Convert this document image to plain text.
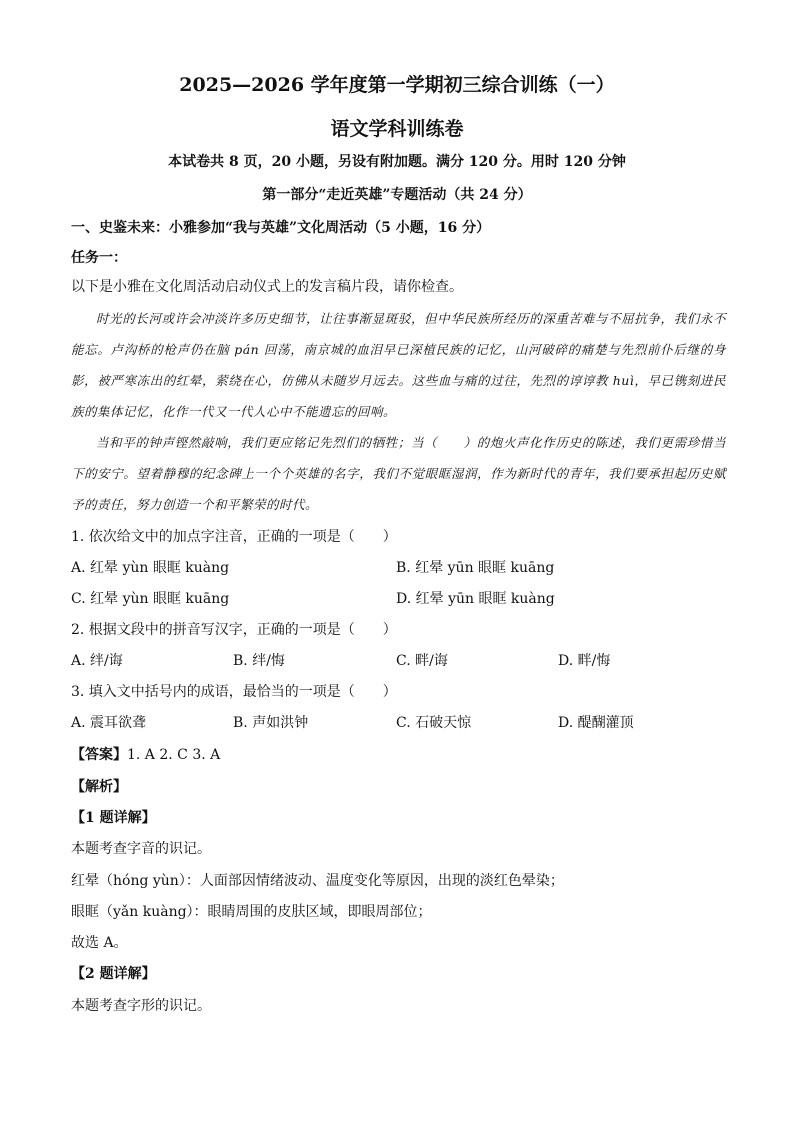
2025—2026 学年度第一学期初三综合训练（一）
语文学科训练卷
本试卷共 8 页，20 小题，另设有附加题。满分 120 分。用时 120 分钟
第一部分“走近英雄”专题活动（共 24 分）
一、史鉴未来：小雅参加“我与英雄”文化周活动（5 小题，16 分）
任务一：
以下是小雅在文化周活动启动仪式上的发言稿片段，请你检查。

时光的长河或许会冲淡许多历史细节，让往事渐显斑驳，但中华民族所经历的深重苦难与不屈抗争，我们永不能忘。卢沟桥的枪声仍在脑 pán 回荡，南京城的血泪早已深植民族的记忆，山河破碎的痛楚与先烈前仆后继的身影，被严寒冻出的红晕，萦绕在心，仿佛从未随岁月远去。这些血与痛的过往，先烈的谆谆教 huì，早已镌刻进民族的集体记忆，化作一代又一代人心中不能遗忘的回响。

当和平的钟声铿然敲响，我们更应铭记先烈们的牺牲；当（　　）的炮火声化作历史的陈述，我们更需珍惜当下的安宁。望着静穆的纪念碑上一个个英雄的名字，我们不觉眼眶湿润，作为新时代的青年，我们要承担起历史赋予的责任，努力创造一个和平繁荣的时代。

1. 依次给文中的加点字注音，正确的一项是（　　）
A. 红晕 yùn 眼眶 kuàng	B. 红晕 yūn 眼眶 kuāng
C. 红晕 yùn 眼眶 kuāng	D. 红晕 yūn 眼眶 kuàng
2. 根据文段中的拼音写汉字，正确的一项是（　　）
A. 绊/诲	B. 绊/悔	C. 畔/诲	D. 畔/悔
3. 填入文中括号内的成语，最恰当的一项是（　　）
A. 震耳欲聋	B. 声如洪钟	C. 石破天惊	D. 醍醐灌顶
【答案】1. A 2. C 3. A
【解析】
【1 题详解】
本题考查字音的识记。
红晕（hóng yùn）：人面部因情绪波动、温度变化等原因，出现的淡红色晕染；
眼眶（yǎn kuàng）：眼睛周围的皮肤区域，即眼周部位；
故选 A。
【2 题详解】
本题考查字形的识记。
